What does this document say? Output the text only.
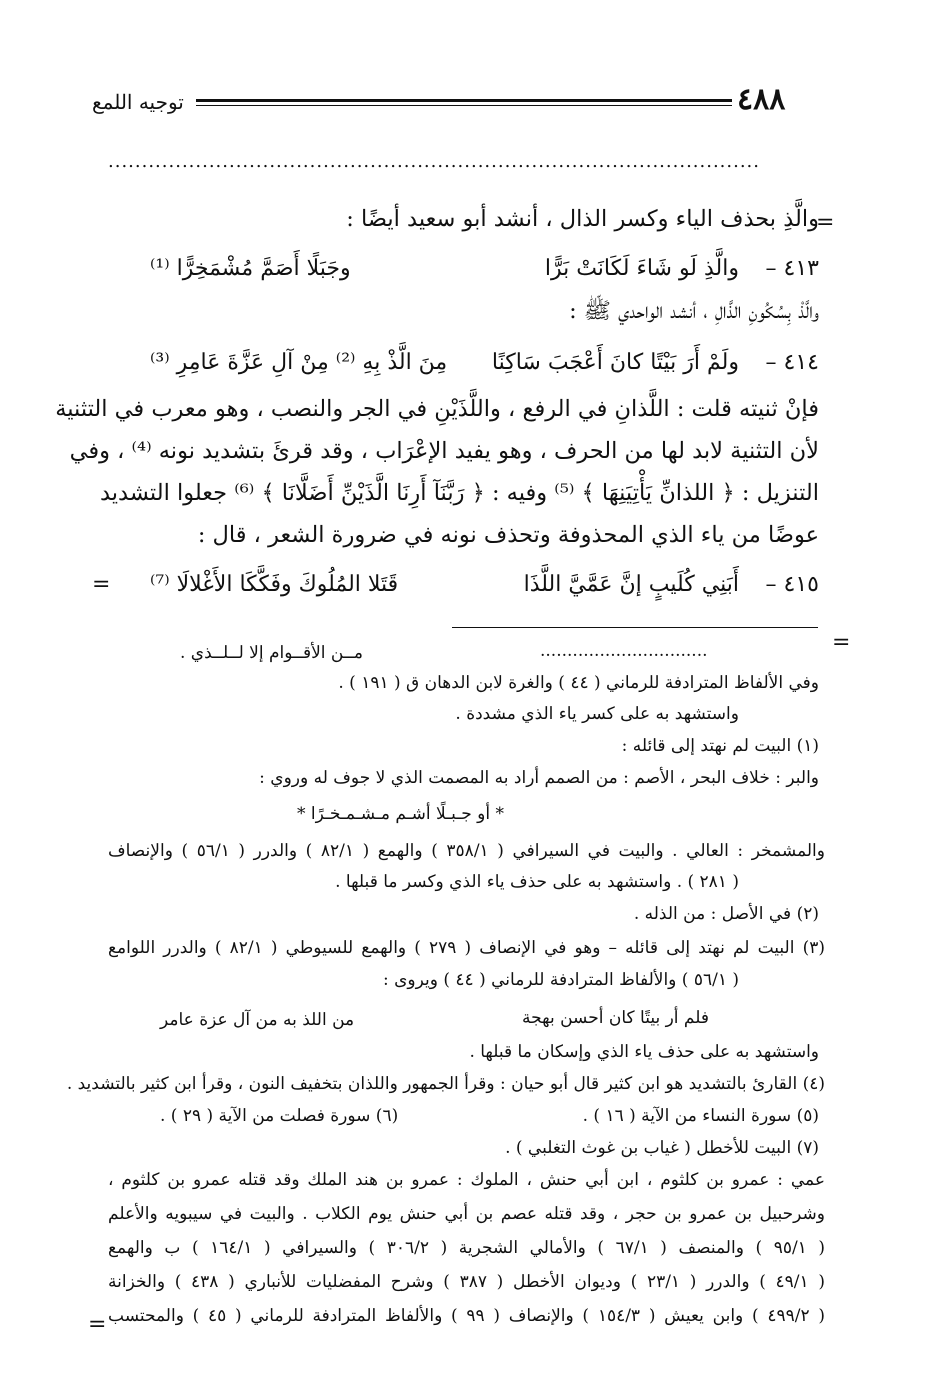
٤٨٨
توجيه اللمع
.................................................................................................
=
=
=
=
والَّذِ بحذف الياء وكسر الذال ، أنشد أبو سعيد أيضًا :
٤١٣ –
والَّذِ لَو شَاءَ لَكَانَتْ بَرًّا
وجَبَلًا أَصَمَّ مُشْمَخِرًّا ⁽¹⁾
والَّذْ بِسُكُونِ الذَّالِ ، أنشد الواحدي ﷺ :
٤١٤ –
ولَمْ أَرَ بَيْتًا كانَ أَعْجَبَ سَاكِنًا
مِنَ الَّذْ بِهِ ⁽²⁾ مِنْ آلِ عَزَّةَ عَامِرِ ⁽³⁾
فإنْ ثنيته قلت : اللَّذانِ في الرفع ، واللَّذَيْنِ في الجر والنصب ، وهو معرب في التثنية
لأن التثنية لابد لها من الحرف ، وهو يفيد الإعْرَاب ، وقد قرئَ بتشديد نونه ⁽⁴⁾ ، وفي
التنزيل : ﴿ اللذانِّ يَأْتِيَنِهَا ﴾ ⁽⁵⁾ وفيه : ﴿ رَبَّنَآ أَرِنَا الَّذَيْنِّ أَضَلَّانَا ﴾ ⁽⁶⁾ جعلوا التشديد
عوضًا من ياء الذي المحذوفة وتحذف نونه في ضرورة الشعر ، قال :
٤١٥ –
أَبَنِي كُلَيبٍ إنَّ عَمَّيَّ اللَّذَا
قَتَلا المُلُوكَ وفَكَّكَا الأَغْلالَا ⁽⁷⁾
...............................
مــن الأقــوام إلا لــلــذي .
وفي الألفاظ المترادفة للرماني ( ٤٤ ) والغرة لابن الدهان ق ( ١٩١ ) .
واستشهد به على كسر ياء الذي مشددة .
(١) البيت لم نهتد إلى قائله :
والبر : خلاف البحر ، الأصم : من الصمم أراد به المصمت الذي لا جوف له وروي :
* أو جـبـلًا أشـم مـشـمـخـرًا *
والمشمخر : العالي . والبيت في السيرافي ( ٣٥٨/١ ) والهمع ( ٨٢/١ ) والدرر ( ٥٦/١ ) والإنصاف
( ٢٨١ ) . واستشهد به على حذف ياء الذي وكسر ما قبلها .
(٢) في الأصل : من الذله .
(٣) البيت لم نهتد إلى قائله – وهو في الإنصاف ( ٢٧٩ ) والهمع للسيوطي ( ٨٢/١ ) والدرر اللوامع
( ٥٦/١ ) والألفاظ المترادفة للرماني ( ٤٤ ) ويروى :
فلم أر بيتًا كان أحسن بهجة
من اللذ به من آل عزة عامر
واستشهد به على حذف ياء الذي وإسكان ما قبلها .
(٤) القارئ بالتشديد هو ابن كثير قال أبو حيان : وقرأ الجمهور واللذان بتخفيف النون ، وقرأ ابن كثير بالتشديد .
(٥) سورة النساء من الآية ( ١٦ ) .
(٦) سورة فصلت من الآية ( ٢٩ ) .
(٧) البيت للأخطل ( غياب بن غوث التغلبي ) .
عمي : عمرو بن كلثوم ، ابن أبي حنش ، الملوك : عمرو بن هند الملك وقد قتله عمرو بن كلثوم ،
وشرحبيل بن عمرو بن حجر ، وقد قتله عصم بن أبي حنش يوم الكلاب . والبيت في سيبويه والأعلم
( ٩٥/١ ) والمنصف ( ٦٧/١ ) والأمالي الشجرية ( ٣٠٦/٢ ) والسيرافي ( ١٦٤/١ ) ب والهمع
( ٤٩/١ ) والدرر ( ٢٣/١ ) وديوان الأخطل ( ٣٨٧ ) وشرح المفضليات للأنباري ( ٤٣٨ ) والخزانة
( ٤٩٩/٢ ) وابن يعيش ( ١٥٤/٣ ) والإنصاف ( ٩٩ ) والألفاظ المترادفة للرماني ( ٤٥ ) والمحتسب
